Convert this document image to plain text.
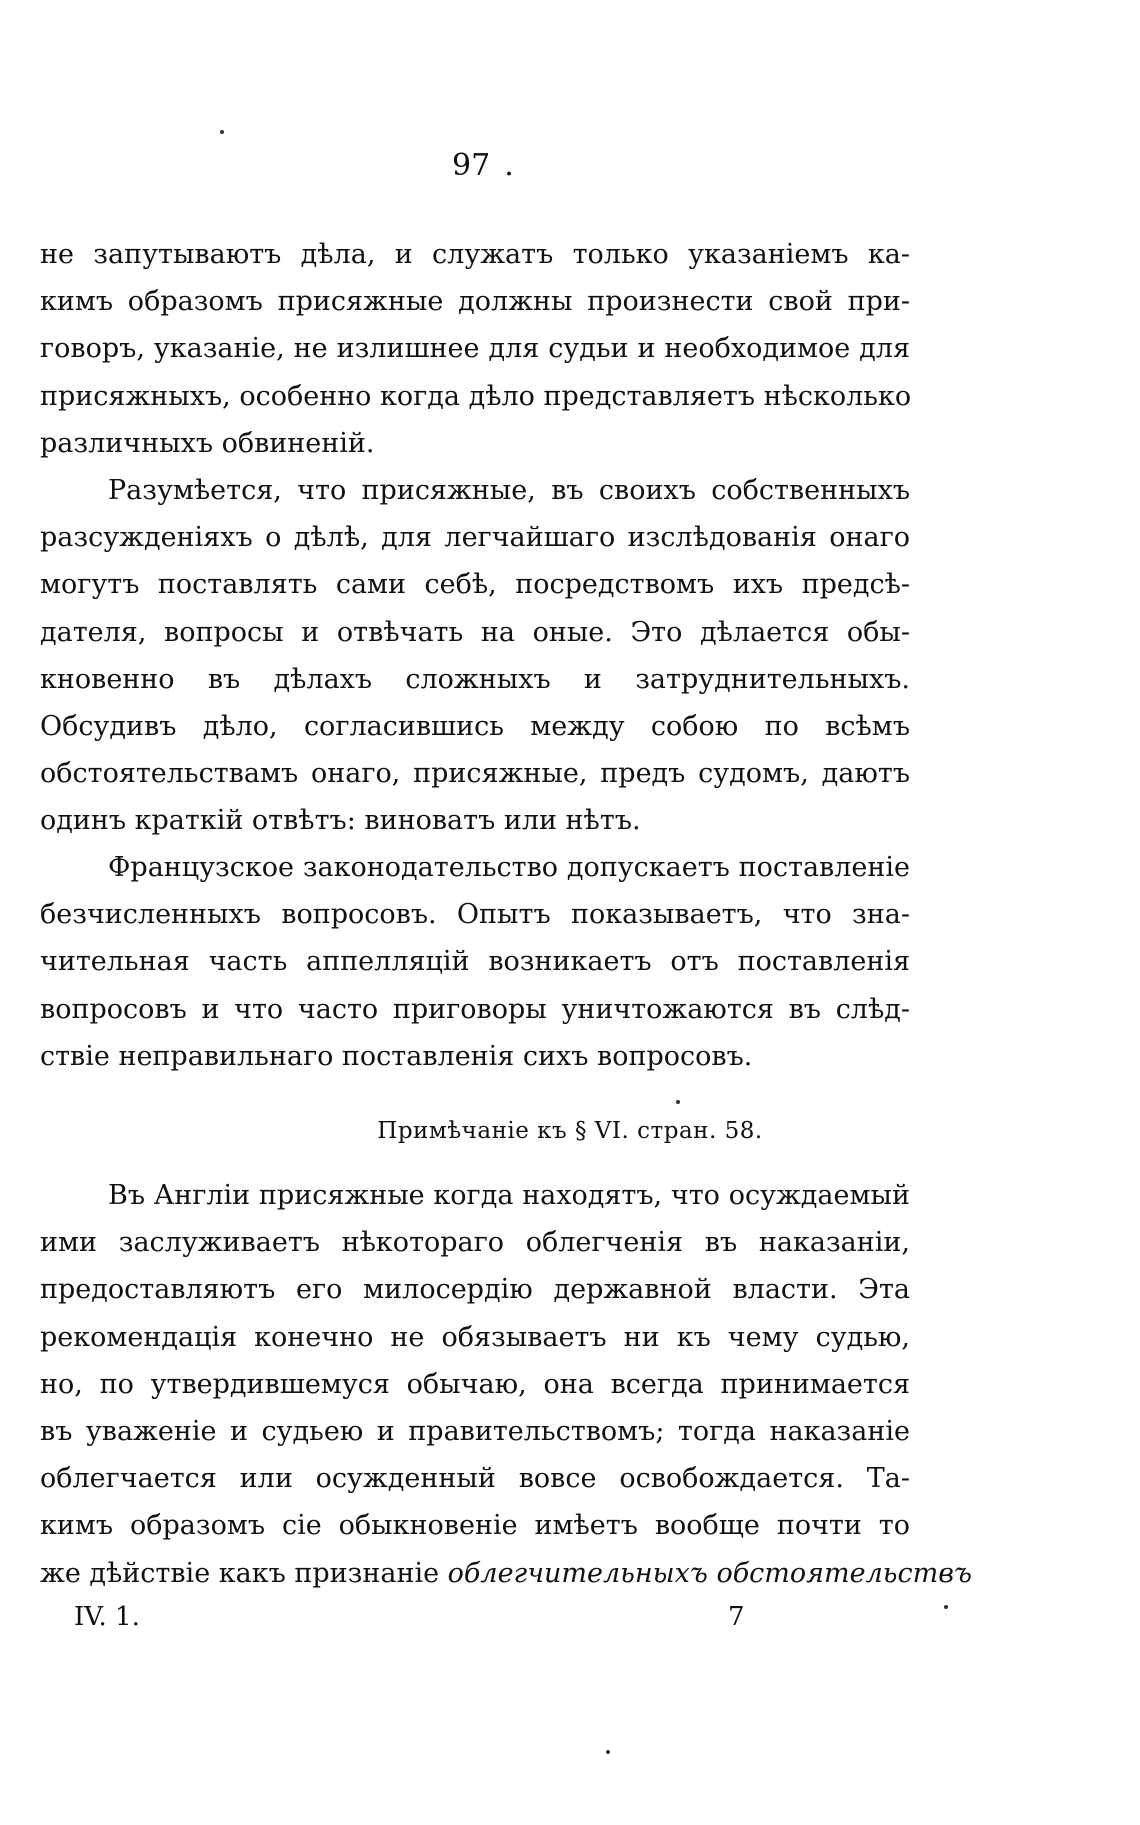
97 .
не запутываютъ дѣла, и служатъ только указаніемъ ка-
кимъ образомъ присяжные должны произнести свой при-
говоръ, указаніе, не излишнее для судьи и необходимое для
присяжныхъ, особенно когда дѣло представляетъ нѣсколько
различныхъ обвиненій.
Разумѣется, что присяжные, въ своихъ собственныхъ
разсужденіяхъ о дѣлѣ, для легчайшаго изслѣдованія онаго
могутъ поставлять сами себѣ, посредствомъ ихъ предсѣ-
дателя, вопросы и отвѣчать на оные. Это дѣлается обы-
кновенно въ дѣлахъ сложныхъ и затруднительныхъ.
Обсудивъ дѣло, согласившись между собою по всѣмъ
обстоятельствамъ онаго, присяжные, предъ судомъ, даютъ
одинъ краткій отвѣтъ: виноватъ или нѣтъ.
Французское законодательство допускаетъ поставленіе
безчисленныхъ вопросовъ. Опытъ показываетъ, что зна-
чительная часть аппелляцій возникаетъ отъ поставленія
вопросовъ и что часто приговоры уничтожаются въ слѣд-
ствіе неправильнаго поставленія сихъ вопросовъ.
Примѣчаніе къ § VI. стран. 58.
Въ Англіи присяжные когда находятъ, что осуждаемый
ими заслуживаетъ нѣкотораго облегченія въ наказаніи,
предоставляютъ его милосердію державной власти. Эта
рекомендація конечно не обязываетъ ни къ чему судью,
но, по утвердившемуся обычаю, она всегда принимается
въ уваженіе и судьею и правительствомъ; тогда наказаніе
облегчается или осужденный вовсе освобождается. Та-
кимъ образомъ сіе обыкновеніе имѣетъ вообще почти то
же дѣйствіе какъ признаніе облегчительныхъ обстоятельствъ
IV. 1.	7
